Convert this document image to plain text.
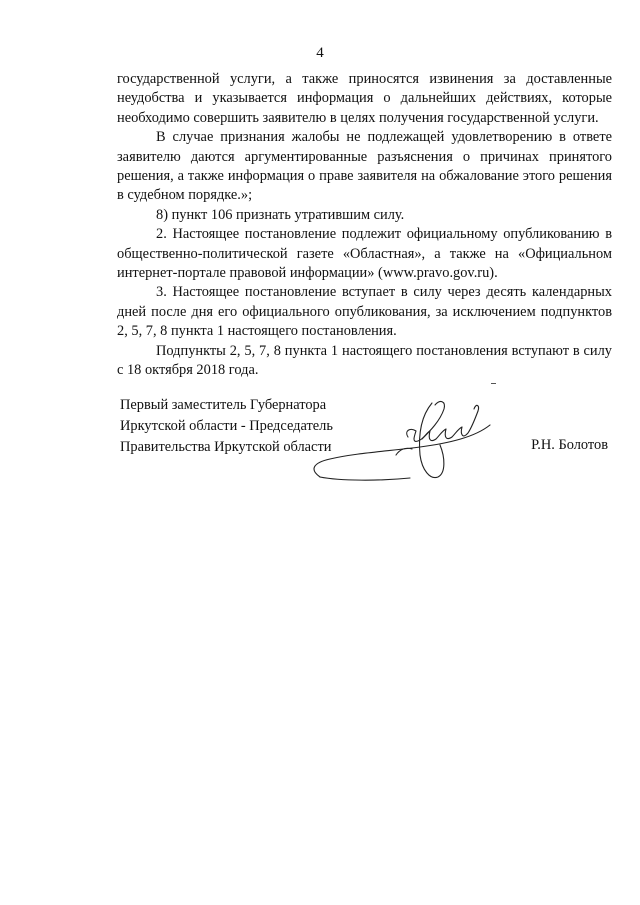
4

государственной услуги, а также приносятся извинения за доставленные неудобства и указывается информация о дальнейших действиях, которые необходимо совершить заявителю в целях получения государственной услуги.

В случае признания жалобы не подлежащей удовлетворению в ответе заявителю даются аргументированные разъяснения о причинах принятого решения, а также информация о праве заявителя на обжалование этого решения в судебном порядке.»;

8) пункт 106 признать утратившим силу.

2. Настоящее постановление подлежит официальному опубликованию в общественно-политической газете «Областная», а также на «Официальном интернет-портале правовой информации» (www.pravo.gov.ru).

3. Настоящее постановление вступает в силу через десять календарных дней после дня его официального опубликования, за исключением подпунктов 2, 5, 7, 8 пункта 1 настоящего постановления.

Подпункты 2, 5, 7, 8 пункта 1 настоящего постановления вступают в силу с 18 октября 2018 года.

Первый заместитель Губернатора
Иркутской области - Председатель
Правительства Иркутской области	Р.Н. Болотов
